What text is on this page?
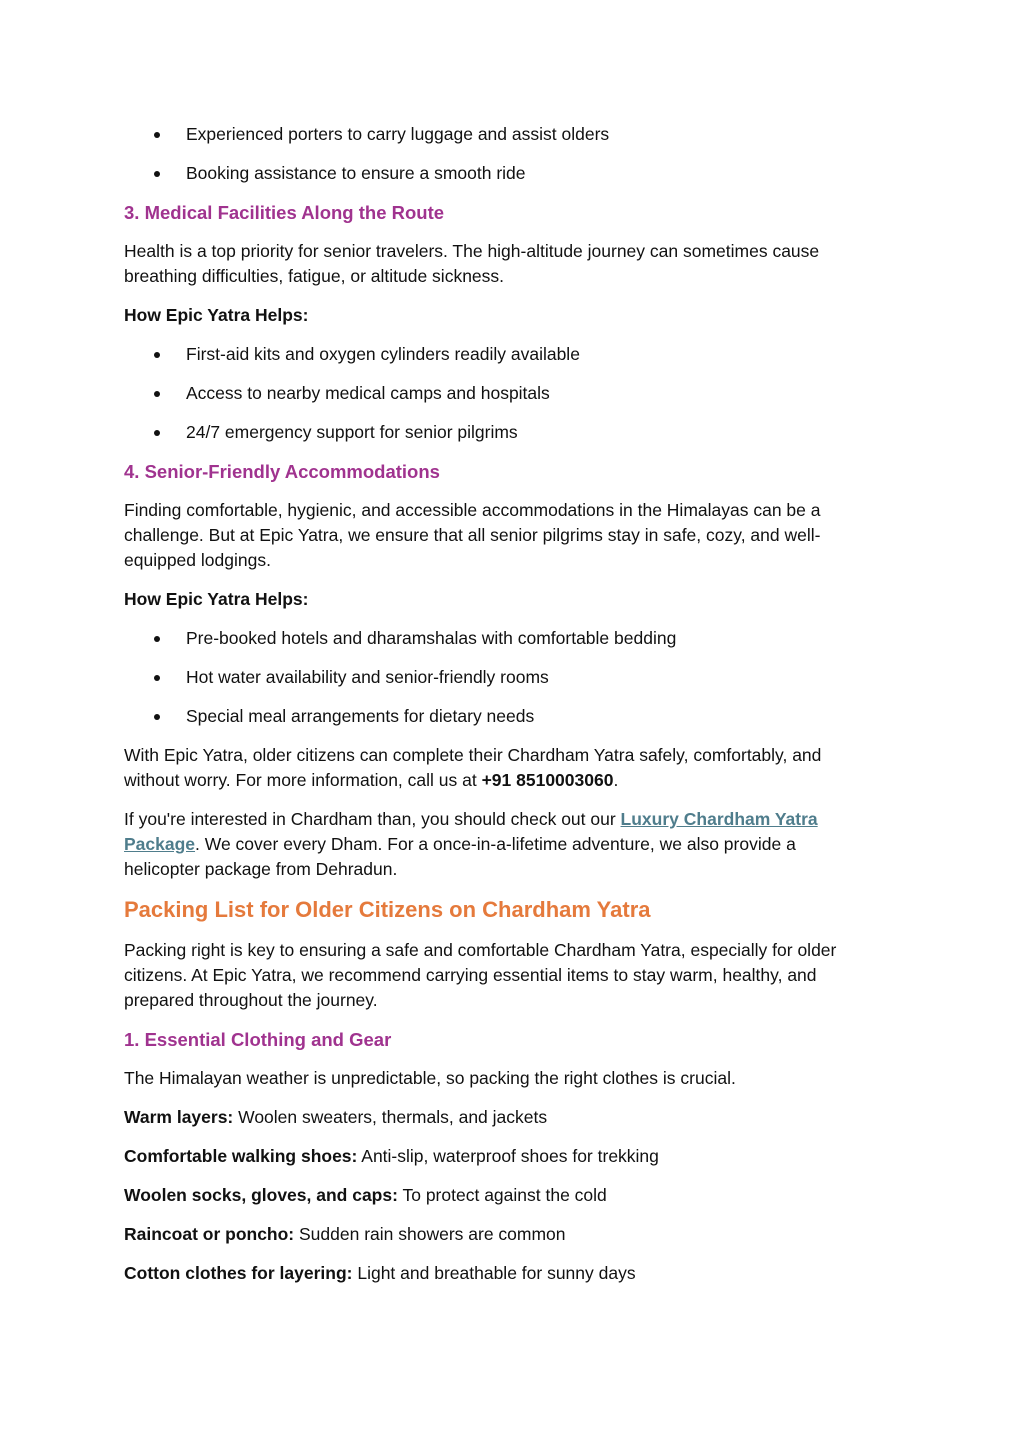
Experienced porters to carry luggage and assist olders
Booking assistance to ensure a smooth ride
3. Medical Facilities Along the Route

Health is a top priority for senior travelers. The high-altitude journey can sometimes cause breathing difficulties, fatigue, or altitude sickness.

How Epic Yatra Helps:

First-aid kits and oxygen cylinders readily available
Access to nearby medical camps and hospitals
24/7 emergency support for senior pilgrims
4. Senior-Friendly Accommodations

Finding comfortable, hygienic, and accessible accommodations in the Himalayas can be a challenge. But at Epic Yatra, we ensure that all senior pilgrims stay in safe, cozy, and well-equipped lodgings.

How Epic Yatra Helps:

Pre-booked hotels and dharamshalas with comfortable bedding
Hot water availability and senior-friendly rooms
Special meal arrangements for dietary needs

With Epic Yatra, older citizens can complete their Chardham Yatra safely, comfortably, and without worry. For more information, call us at +91 8510003060.

If you're interested in Chardham than, you should check out our Luxury Chardham Yatra Package. We cover every Dham. For a once-in-a-lifetime adventure, we also provide a helicopter package from Dehradun.

Packing List for Older Citizens on Chardham Yatra

Packing right is key to ensuring a safe and comfortable Chardham Yatra, especially for older citizens. At Epic Yatra, we recommend carrying essential items to stay warm, healthy, and prepared throughout the journey.

1. Essential Clothing and Gear

The Himalayan weather is unpredictable, so packing the right clothes is crucial.

Warm layers: Woolen sweaters, thermals, and jackets

Comfortable walking shoes: Anti-slip, waterproof shoes for trekking

Woolen socks, gloves, and caps: To protect against the cold

Raincoat or poncho: Sudden rain showers are common

Cotton clothes for layering: Light and breathable for sunny days
